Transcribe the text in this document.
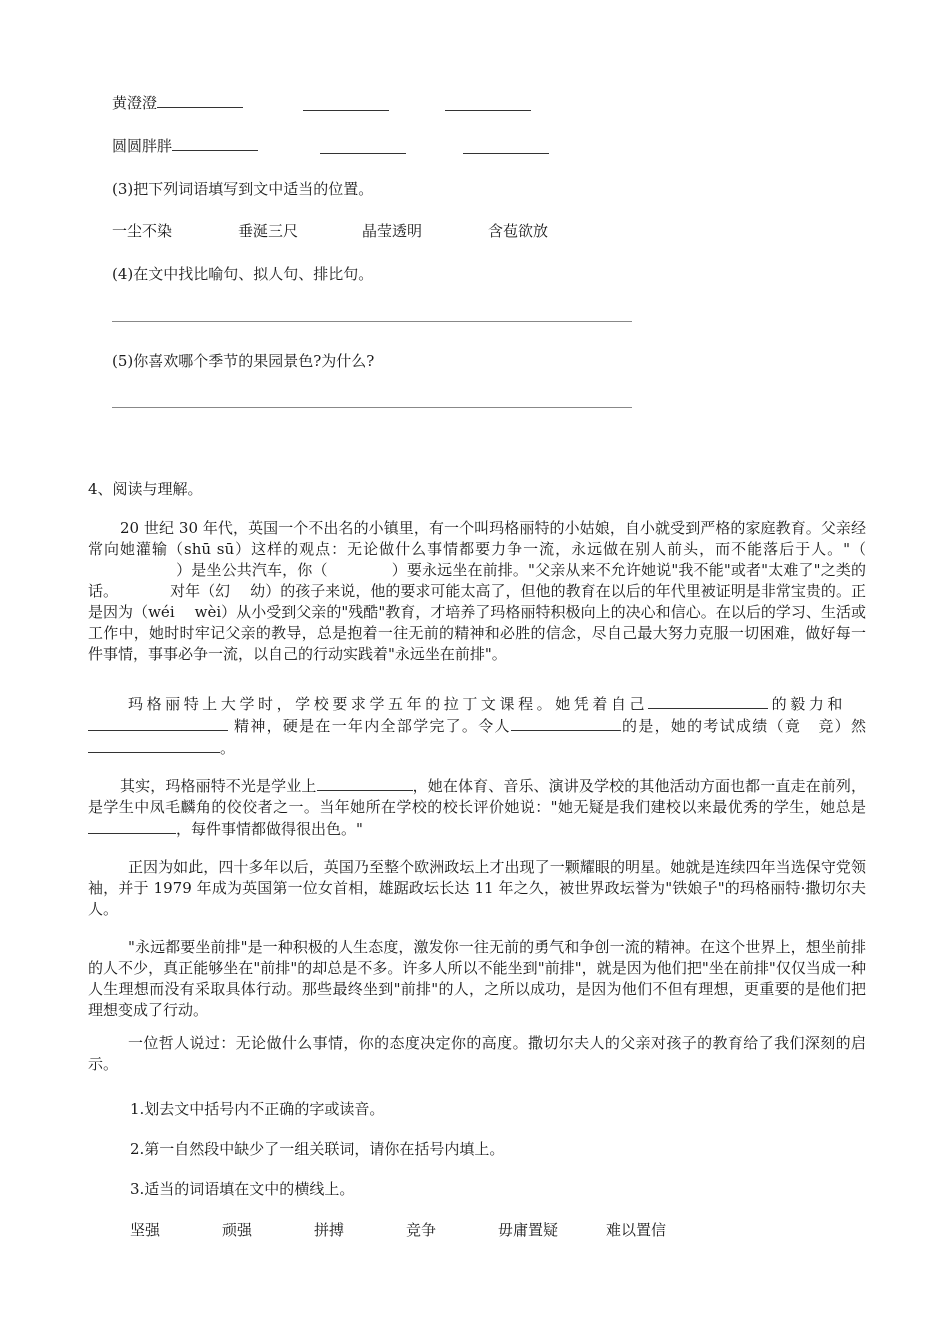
黄澄澄
圆圆胖胖
(3)把下列词语填写到文中适当的位置。
一尘不染	垂涎三尺	晶莹透明	含苞欲放
(4)在文中找比喻句、拟人句、排比句。
(5)你喜欢哪个季节的果园景色?为什么?
4、阅读与理解。

20 世纪 30 年代，英国一个不出名的小镇里，有一个叫玛格丽特的小姑娘，自小就受到严格的家庭教育。父亲经常向她灌输（shū sū）这样的观点：无论做什么事情都要力争一流，永远做在别人前头，而不能落后于人。"（）是坐公共汽车，你（	）要永远坐在前排。"父亲从来不允许她说"我不能"或者"太难了"之类的话。	对年（幻 幼）的孩子来说，他的要求可能太高了，但他的教育在以后的年代里被证明是非常宝贵的。正是因为（wéi wèi）从小受到父亲的"残酷"教育，才培养了玛格丽特积极向上的决心和信心。在以后的学习、生活或工作中，她时时牢记父亲的教导，总是抱着一往无前的精神和必胜的信念，尽自己最大努力克服一切困难，做好每一件事情，事事必争一流，以自己的行动实践着"永远坐在前排"。

玛格丽特上大学时，学校要求学五年的拉丁文课程。她凭着自己	的毅力和 精神，硬是在一年内全部学完了。令人	的是，她的考试成绩（竟 竞）然。

其实，玛格丽特不光是学业上	，她在体育、音乐、演讲及学校的其他活动方面也都一直走在前列，是学生中凤毛麟角的佼佼者之一。当年她所在学校的校长评价她说："她无疑是我们建校以来最优秀的学生，她总是，每件事情都做得很出色。"

正因为如此，四十多年以后，英国乃至整个欧洲政坛上才出现了一颗耀眼的明星。她就是连续四年当选保守党领袖，并于 1979 年成为英国第一位女首相，雄踞政坛长达 11 年之久，被世界政坛誉为"铁娘子"的玛格丽特·撒切尔夫人。

"永远都要坐前排"是一种积极的人生态度，激发你一往无前的勇气和争创一流的精神。在这个世界上，想坐前排的人不少，真正能够坐在"前排"的却总是不多。许多人所以不能坐到"前排"，就是因为他们把"坐在前排"仅仅当成一种人生理想而没有采取具体行动。那些最终坐到"前排"的人，之所以成功，是因为他们不但有理想，更重要的是他们把理想变成了行动。

一位哲人说过：无论做什么事情，你的态度决定你的高度。撒切尔夫人的父亲对孩子的教育给了我们深刻的启示。

1.划去文中括号内不正确的字或读音。
2.第一自然段中缺少了一组关联词，请你在括号内填上。
3.适当的词语填在文中的横线上。
坚强	顽强	拼搏	竞争	毋庸置疑	难以置信
